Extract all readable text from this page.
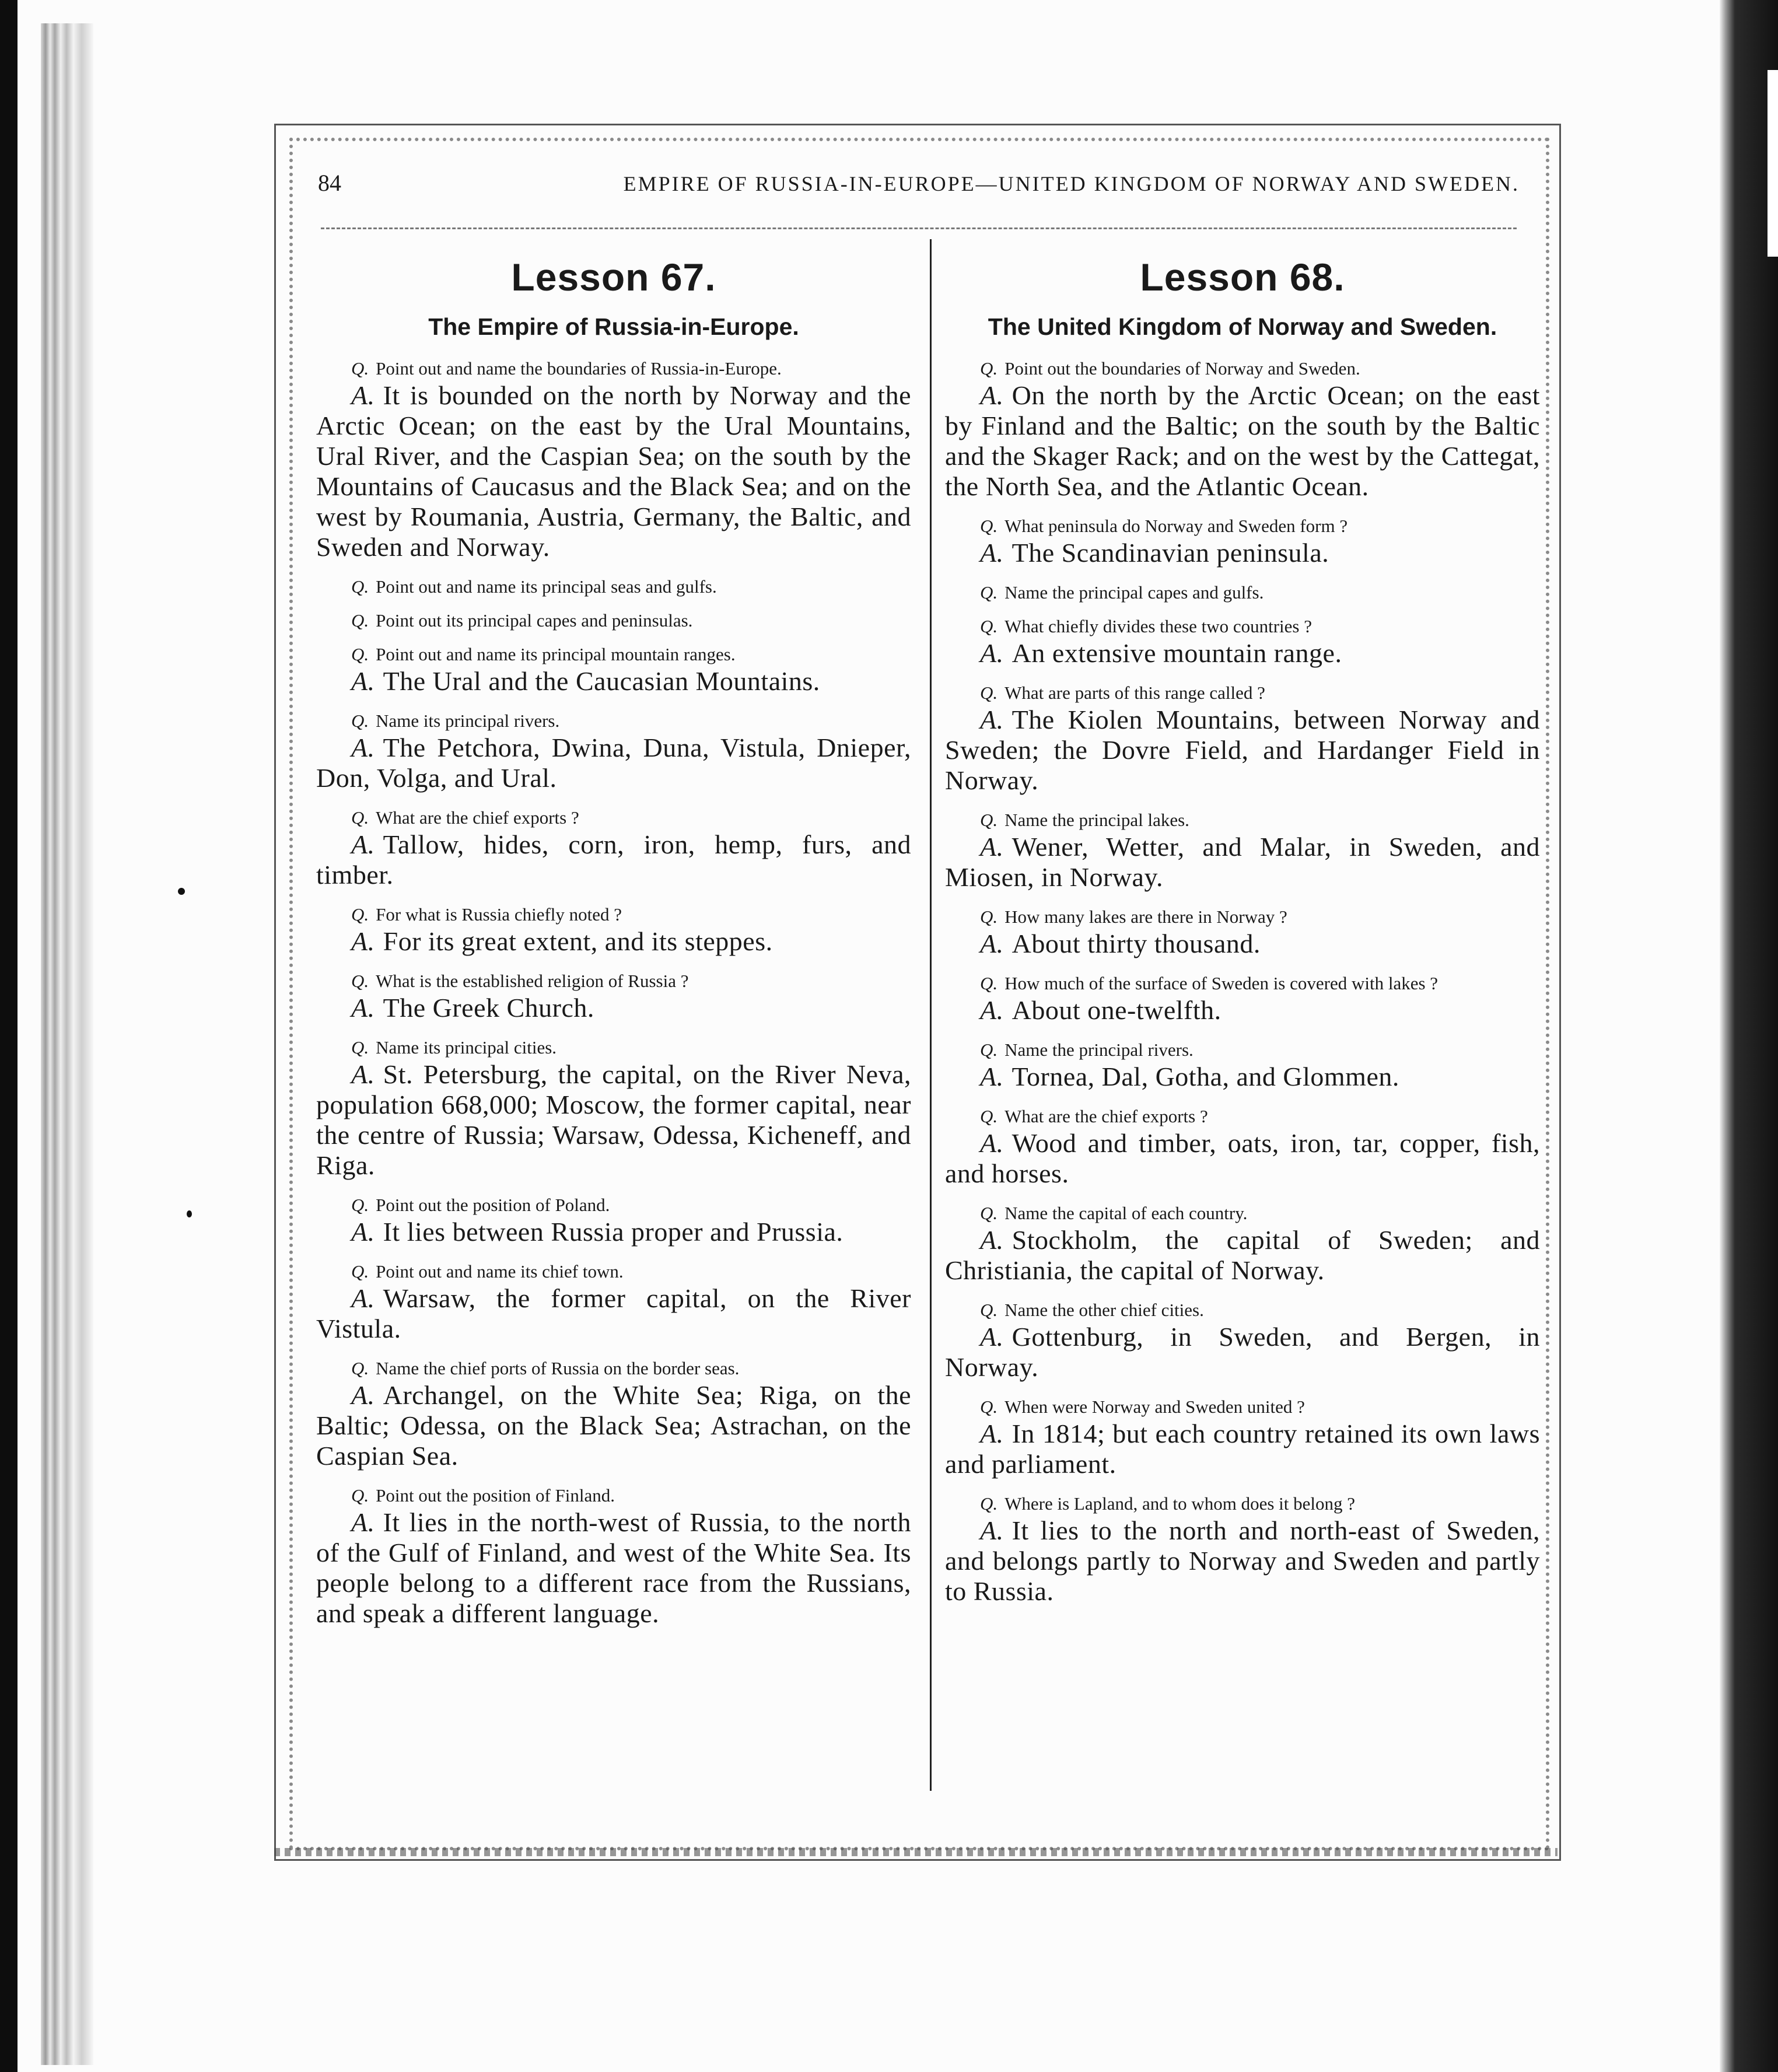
84	EMPIRE OF RUSSIA-IN-EUROPE—UNITED KINGDOM OF NORWAY AND SWEDEN.
Lesson 67.
The Empire of Russia-in-Europe.

Q. Point out and name the boundaries of Russia-in-Europe.

A. It is bounded on the north by Norway and the Arctic Ocean; on the east by the Ural Mountains, Ural River, and the Caspian Sea; on the south by the Mountains of Caucasus and the Black Sea; and on the west by Roumania, Austria, Germany, the Baltic, and Sweden and Norway.

Q. Point out and name its principal seas and gulfs.

Q. Point out its principal capes and peninsulas.

Q. Point out and name its principal mountain ranges.

A. The Ural and the Caucasian Mountains.

Q. Name its principal rivers.

A. The Petchora, Dwina, Duna, Vistula, Dnieper, Don, Volga, and Ural.

Q. What are the chief exports ?

A. Tallow, hides, corn, iron, hemp, furs, and timber.

Q. For what is Russia chiefly noted ?

A. For its great extent, and its steppes.

Q. What is the established religion of Russia ?

A. The Greek Church.

Q. Name its principal cities.

A. St. Petersburg, the capital, on the River Neva, population 668,000; Moscow, the former capital, near the centre of Russia; Warsaw, Odessa, Kicheneff, and Riga.

Q. Point out the position of Poland.

A. It lies between Russia proper and Prussia.

Q. Point out and name its chief town.

A. Warsaw, the former capital, on the River Vistula.

Q. Name the chief ports of Russia on the border seas.

A. Archangel, on the White Sea; Riga, on the Baltic; Odessa, on the Black Sea; Astrachan, on the Caspian Sea.

Q. Point out the position of Finland.

A. It lies in the north-west of Russia, to the north of the Gulf of Finland, and west of the White Sea. Its people belong to a different race from the Russians, and speak a different language.

Lesson 68.
The United Kingdom of Norway and Sweden.

Q. Point out the boundaries of Norway and Sweden.

A. On the north by the Arctic Ocean; on the east by Finland and the Baltic; on the south by the Baltic and the Skager Rack; and on the west by the Cattegat, the North Sea, and the Atlantic Ocean.

Q. What peninsula do Norway and Sweden form ?

A. The Scandinavian peninsula.

Q. Name the principal capes and gulfs.

Q. What chiefly divides these two countries ?

A. An extensive mountain range.

Q. What are parts of this range called ?

A. The Kiolen Mountains, between Norway and Sweden; the Dovre Field, and Hardanger Field in Norway.

Q. Name the principal lakes.

A. Wener, Wetter, and Malar, in Sweden, and Miosen, in Norway.

Q. How many lakes are there in Norway ?

A. About thirty thousand.

Q. How much of the surface of Sweden is covered with lakes ?

A. About one-twelfth.

Q. Name the principal rivers.

A. Tornea, Dal, Gotha, and Glommen.

Q. What are the chief exports ?

A. Wood and timber, oats, iron, tar, copper, fish, and horses.

Q. Name the capital of each country.

A. Stockholm, the capital of Sweden; and Christiania, the capital of Norway.

Q. Name the other chief cities.

A. Gottenburg, in Sweden, and Bergen, in Norway.

Q. When were Norway and Sweden united ?

A. In 1814; but each country retained its own laws and parliament.

Q. Where is Lapland, and to whom does it belong ?

A. It lies to the north and north-east of Sweden, and belongs partly to Norway and Sweden and partly to Russia.
